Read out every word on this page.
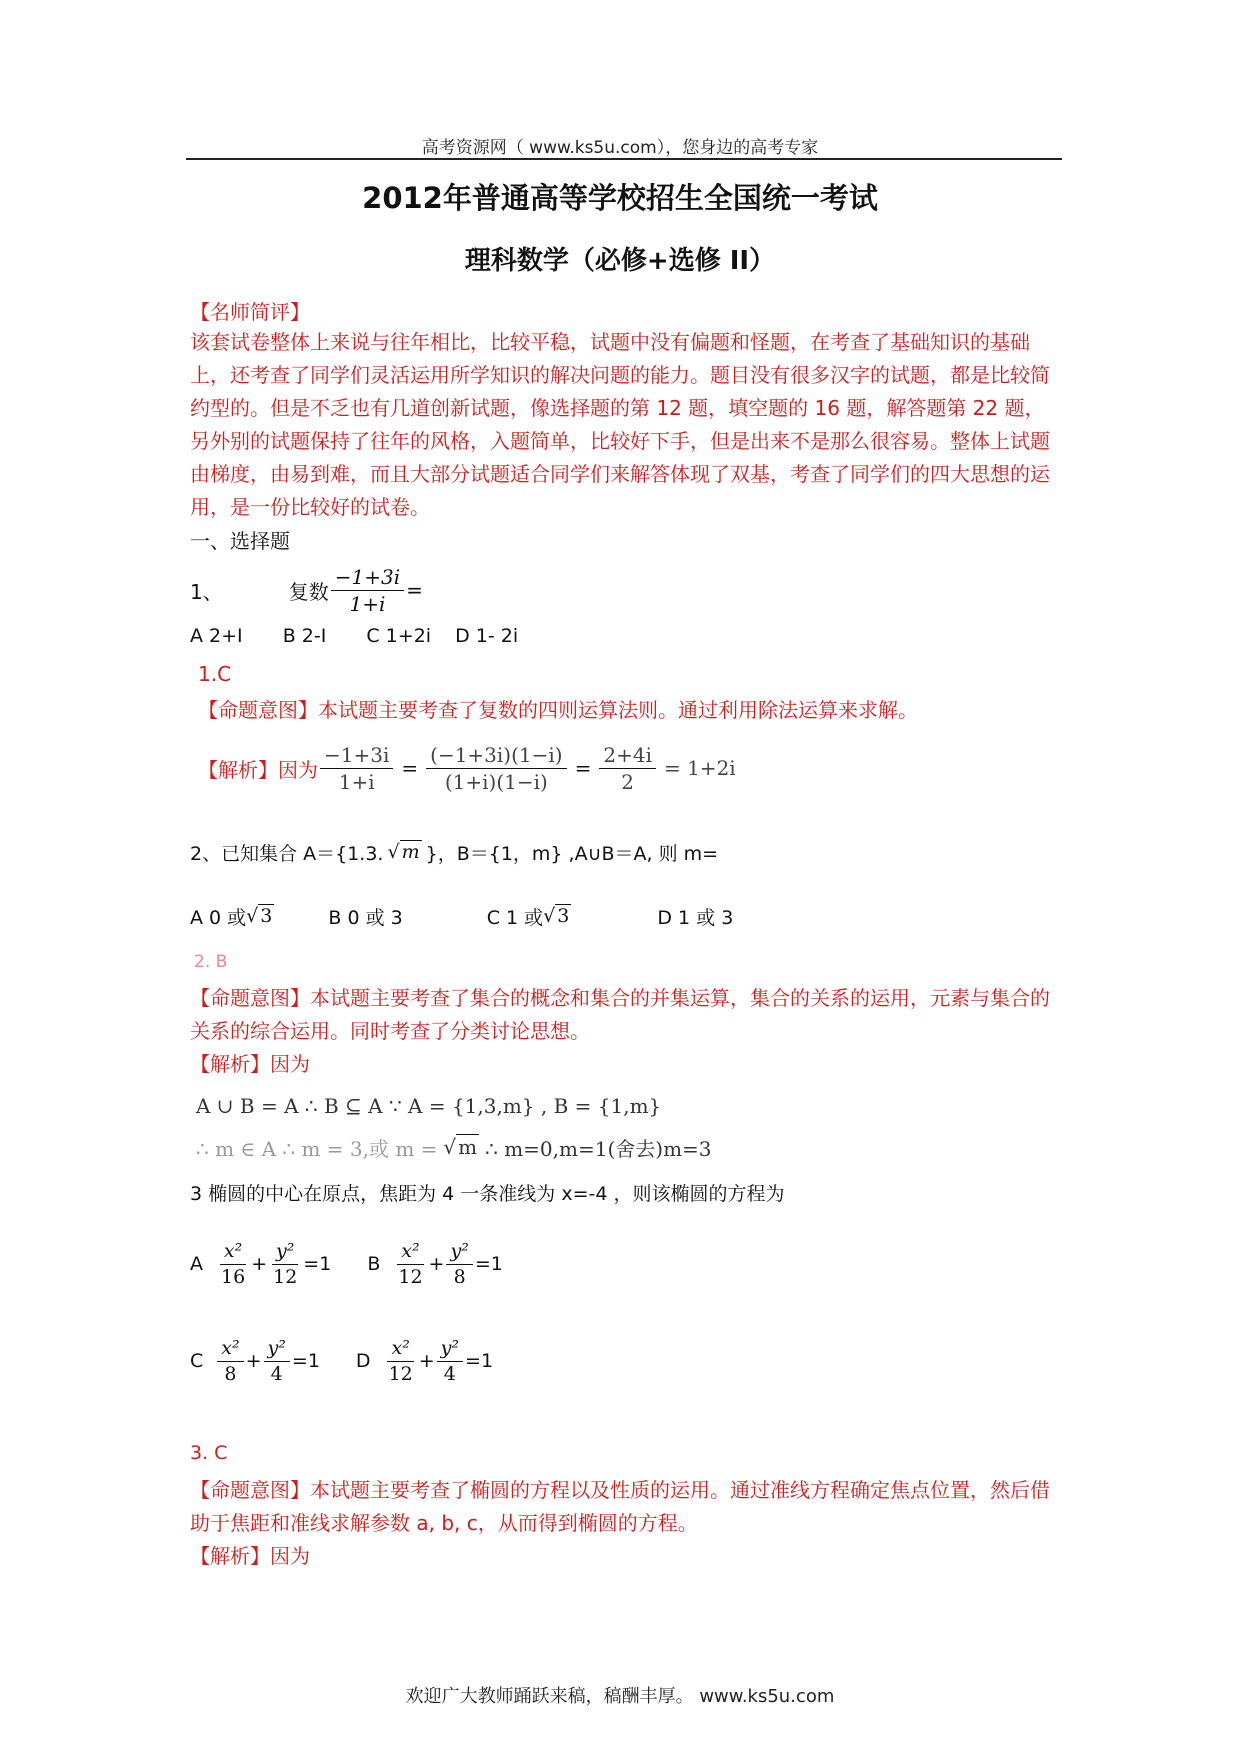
高考资源网（ www.ks5u.com），您身边的高考专家
2012年普通高等学校招生全国统一考试
理科数学（必修+选修 II）
【名师简评】
该套试卷整体上来说与往年相比，比较平稳，试题中没有偏题和怪题，在考查了基础知识的基础上，还考查了同学们灵活运用所学知识的解决问题的能力。题目没有很多汉字的试题，都是比较简约型的。但是不乏也有几道创新试题，像选择题的第 12 题，填空题的 16 题，解答题第 22 题，另外别的试题保持了往年的风格，入题简单，比较好下手，但是出来不是那么很容易。整体上试题由梯度，由易到难，而且大部分试题适合同学们来解答体现了双基，考查了同学们的四大思想的运用，是一份比较好的试卷。
一、选择题
1、	复数 $\frac{-1+3i}{1+i}$ =
A 2+I B 2-I C 1+2i D 1- 2i
1.C
【命题意图】本试题主要考查了复数的四则运算法则。通过利用除法运算来求解。
【解析】 因为 $\frac{-1+3i}{1+i} = \frac{(-1+3i)(1-i)}{(1+i)(1-i)} = \frac{2+4i}{2} = 1+2i$
2、已知集合 A＝{1.3. √ m }，B＝{1，m} ,A∪B＝A, 则 m=
A 0 或 √ 3	B 0 或 3	C 1 或 √ 3	D 1 或 3
2. B
【命题意图】本试题主要考查了集合的概念和集合的并集运算，集合的关系的运用，元素与集合的关系的综合运用。同时考查了分类讨论思想。
【解析】因为
A ∪ B = A ∴ B ⊆ A ∵ A = {1,3,m} , B = {1,m}
∴ m ∈ A ∴ m = 3,或 m = √ m ∴ m=0,m=1(舍去)m=3
3 椭圆的中心在原点，焦距为 4 一条准线为 x=-4 ，则该椭圆的方程为
A $\frac{\text{x²}}{16} + \frac{\text{y²}}{12} =1$ B $\frac{\text{x²}}{12} + \frac{\text{y²}}{8} =1$
C $\frac{\text{x²}}{8} + \frac{\text{y²}}{4} =1$ D $\frac{\text{x²}}{12} + \frac{\text{y²}}{4} =1$
3. C
【命题意图】本试题主要考查了椭圆的方程以及性质的运用。通过准线方程确定焦点位置，然后借助于焦距和准线求解参数 a, b, c，从而得到椭圆的方程。
【解析】因为
欢迎广大教师踊跃来稿，稿酬丰厚。 www.ks5u.com
